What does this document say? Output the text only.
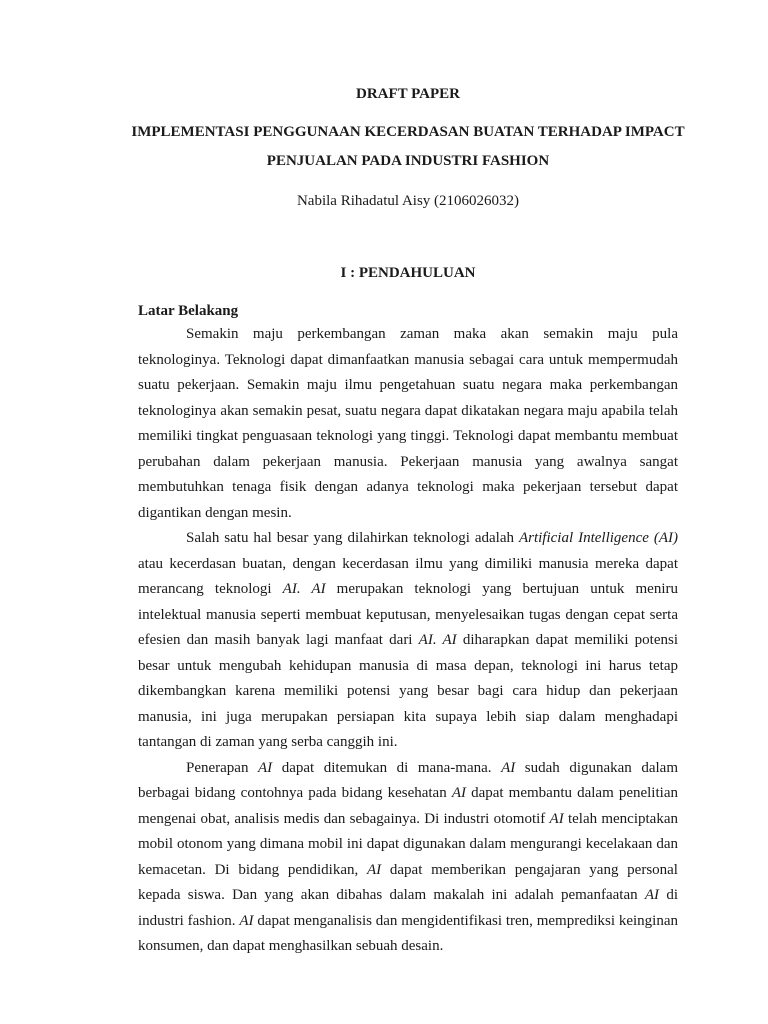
DRAFT PAPER
IMPLEMENTASI PENGGUNAAN KECERDASAN BUATAN TERHADAP IMPACT
PENJUALAN PADA INDUSTRI FASHION
Nabila Rihadatul Aisy (2106026032)
I : PENDAHULUAN
Latar Belakang

Semakin maju perkembangan zaman maka akan semakin maju pula teknologinya. Teknologi dapat dimanfaatkan manusia sebagai cara untuk mempermudah suatu pekerjaan. Semakin maju ilmu pengetahuan suatu negara maka perkembangan teknologinya akan semakin pesat, suatu negara dapat dikatakan negara maju apabila telah memiliki tingkat penguasaan teknologi yang tinggi. Teknologi dapat membantu membuat perubahan dalam pekerjaan manusia. Pekerjaan manusia yang awalnya sangat membutuhkan tenaga fisik dengan adanya teknologi maka pekerjaan tersebut dapat digantikan dengan mesin.

Salah satu hal besar yang dilahirkan teknologi adalah Artificial Intelligence (AI) atau kecerdasan buatan, dengan kecerdasan ilmu yang dimiliki manusia mereka dapat merancang teknologi AI. AI merupakan teknologi yang bertujuan untuk meniru intelektual manusia seperti membuat keputusan, menyelesaikan tugas dengan cepat serta efesien dan masih banyak lagi manfaat dari AI. AI diharapkan dapat memiliki potensi besar untuk mengubah kehidupan manusia di masa depan, teknologi ini harus tetap dikembangkan karena memiliki potensi yang besar bagi cara hidup dan pekerjaan manusia, ini juga merupakan persiapan kita supaya lebih siap dalam menghadapi tantangan di zaman yang serba canggih ini.

Penerapan AI dapat ditemukan di mana-mana. AI sudah digunakan dalam berbagai bidang contohnya pada bidang kesehatan AI dapat membantu dalam penelitian mengenai obat, analisis medis dan sebagainya. Di industri otomotif AI telah menciptakan mobil otonom yang dimana mobil ini dapat digunakan dalam mengurangi kecelakaan dan kemacetan. Di bidang pendidikan, AI dapat memberikan pengajaran yang personal kepada siswa. Dan yang akan dibahas dalam makalah ini adalah pemanfaatan AI di industri fashion. AI dapat menganalisis dan mengidentifikasi tren, memprediksi keinginan konsumen, dan dapat menghasilkan sebuah desain.
